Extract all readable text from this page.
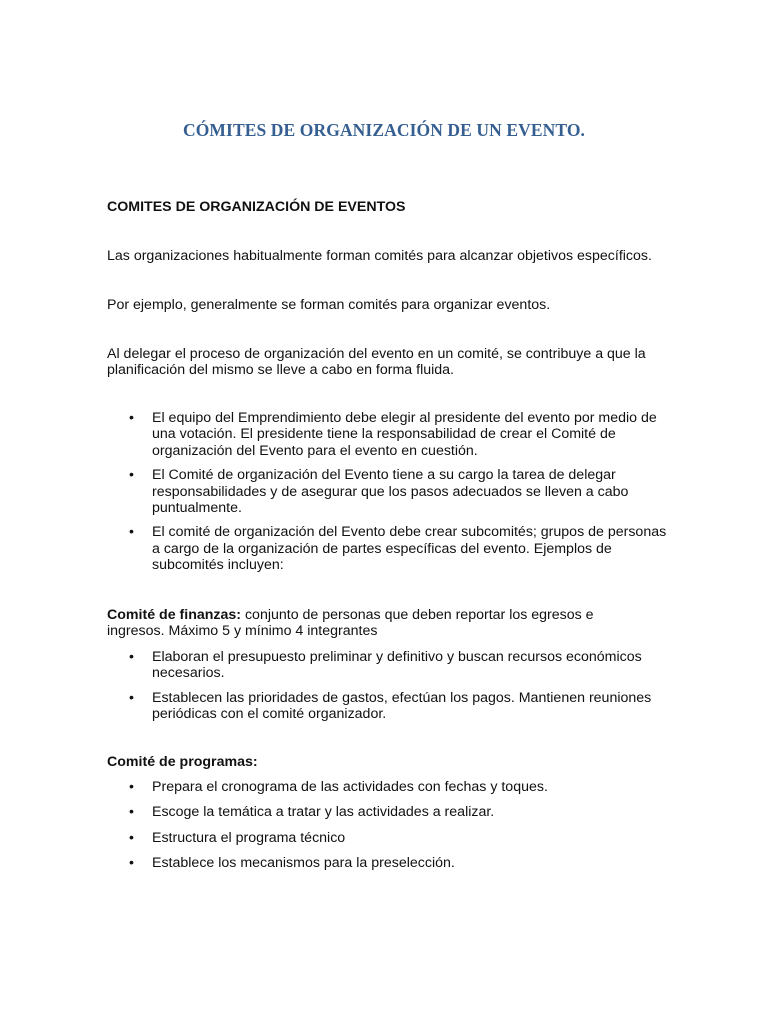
CÓMITES DE ORGANIZACIÓN DE UN EVENTO.
COMITES DE ORGANIZACIÓN DE EVENTOS
Las organizaciones habitualmente forman comités para alcanzar objetivos específicos.
Por ejemplo, generalmente se forman comités para organizar eventos.
Al delegar el proceso de organización del evento en un comité, se contribuye a que la planificación del mismo se lleve a cabo en forma fluida.
• El equipo del Emprendimiento debe elegir al presidente del evento por medio de una votación. El presidente tiene la responsabilidad de crear el Comité de organización del Evento para el evento en cuestión.
• El Comité de organización del Evento tiene a su cargo la tarea de delegar responsabilidades y de asegurar que los pasos adecuados se lleven a cabo puntualmente.
• El comité de organización del Evento debe crear subcomités; grupos de personas a cargo de la organización de partes específicas del evento. Ejemplos de subcomités incluyen:
Comité de finanzas: conjunto de personas que deben reportar los egresos e ingresos. Máximo 5 y mínimo 4 integrantes
• Elaboran el presupuesto preliminar y definitivo y buscan recursos económicos necesarios.
• Establecen las prioridades de gastos, efectúan los pagos. Mantienen reuniones periódicas con el comité organizador.
Comité de programas:
• Prepara el cronograma de las actividades con fechas y toques.
• Escoge la temática a tratar y las actividades a realizar.
• Estructura el programa técnico
• Establece los mecanismos para la preselección.
